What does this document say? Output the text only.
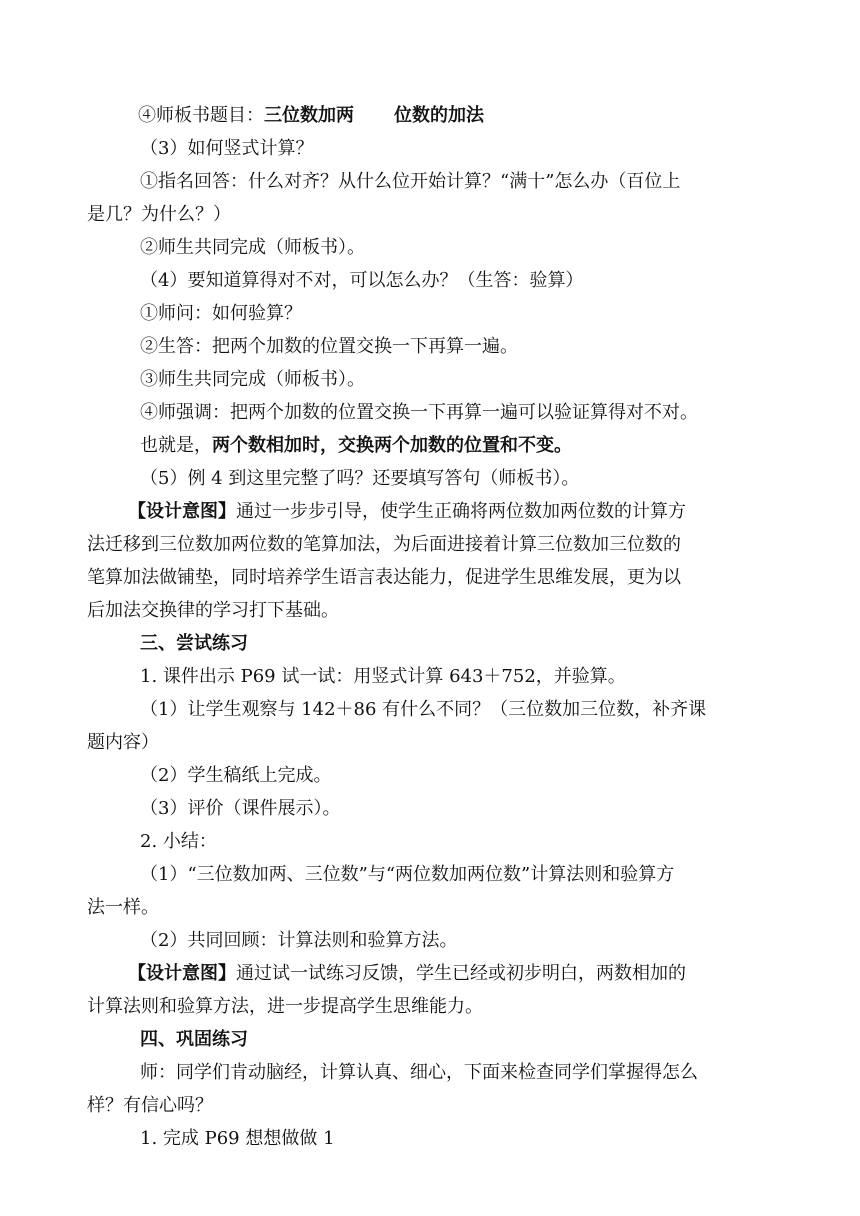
④师板书题目：三位数加两 位数的加法
（3）如何竖式计算？
①指名回答：什么对齐？从什么位开始计算？“满十”怎么办（百位上
是几？为什么？）
②师生共同完成（师板书）。
（4）要知道算得对不对，可以怎么办？（生答：验算）
①师问：如何验算？
②生答：把两个加数的位置交换一下再算一遍。
③师生共同完成（师板书）。
④师强调：把两个加数的位置交换一下再算一遍可以验证算得对不对。
也就是，两个数相加时，交换两个加数的位置和不变。
（5）例 4 到这里完整了吗？还要填写答句（师板书）。
【设计意图】通过一步步引导，使学生正确将两位数加两位数的计算方
法迁移到三位数加两位数的笔算加法，为后面进接着计算三位数加三位数的
笔算加法做铺垫，同时培养学生语言表达能力，促进学生思维发展，更为以
后加法交换律的学习打下基础。
三、尝试练习
1. 课件出示 P69 试一试：用竖式计算 643＋752，并验算。
（1）让学生观察与 142＋86 有什么不同？（三位数加三位数，补齐课
题内容）
（2）学生稿纸上完成。
（3）评价（课件展示）。
2. 小结：
（1）“三位数加两、三位数”与“两位数加两位数”计算法则和验算方
法一样。
（2）共同回顾：计算法则和验算方法。
【设计意图】通过试一试练习反馈，学生已经或初步明白，两数相加的
计算法则和验算方法，进一步提高学生思维能力。
四、巩固练习
师：同学们肯动脑经，计算认真、细心，下面来检查同学们掌握得怎么
样？有信心吗？
1. 完成 P69 想想做做 1
